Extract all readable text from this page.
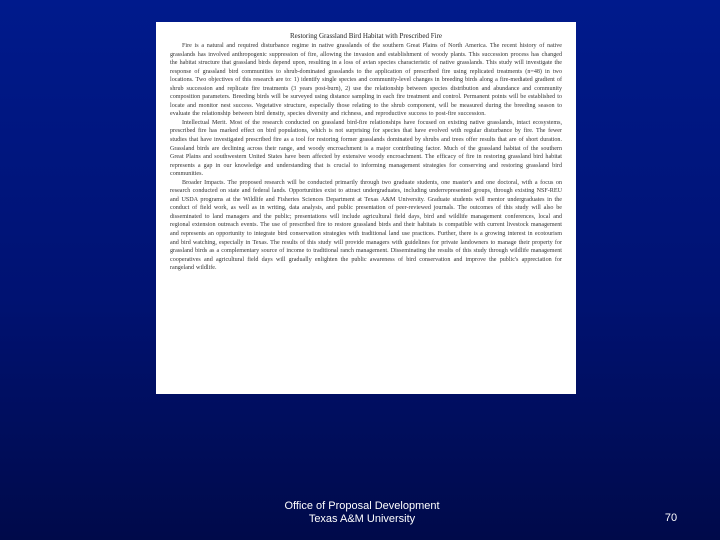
Restoring Grassland Bird Habitat with Prescribed Fire

Fire is a natural and required disturbance regime in native grasslands of the southern Great Plains of North America. The recent history of native grasslands has involved anthropogenic suppression of fire, allowing the invasion and establishment of woody plants. This succession process has changed the habitat structure that grassland birds depend upon, resulting in a loss of avian species characteristic of native grasslands. This study will investigate the response of grassland bird communities to shrub-dominated grasslands to the application of prescribed fire using replicated treatments (n=48) in two locations. Two objectives of this research are to: 1) identify single species and community-level changes in breeding birds along a fire-mediated gradient of shrub succession and replicate fire treatments (3 years post-burn), 2) use the relationship between species distribution and abundance and community composition parameters. Breeding birds will be surveyed using distance sampling in each fire treatment and control. Permanent points will be established to locate and monitor nest success. Vegetative structure, especially those relating to the shrub component, will be measured during the breeding season to evaluate the relationship between bird density, species diversity and richness, and reproductive success to post-fire succession.

Intellectual Merit. Most of the research conducted on grassland bird-fire relationships have focused on existing native grasslands, intact ecosystems, prescribed fire has marked effect on bird populations, which is not surprising for species that have evolved with regular disturbance by fire. The fewer studies that have investigated prescribed fire as a tool for restoring former grasslands dominated by shrubs and trees offer results that are of short duration. Grassland birds are declining across their range, and woody encroachment is a major contributing factor. Much of the grassland habitat of the southern Great Plains and southwestern United States have been affected by extensive woody encroachment. The efficacy of fire in restoring grassland bird habitat represents a gap in our knowledge and understanding that is crucial to informing management strategies for conserving and restoring grassland bird communities.

Broader Impacts. The proposed research will be conducted primarily through two graduate students, one master's and one doctoral, with a focus on research conducted on state and federal lands. Opportunities exist to attract undergraduates, including underrepresented groups, through existing NSF-REU and USDA programs at the Wildlife and Fisheries Sciences Department at Texas A&M University. Graduate students will mentor undergraduates in the conduct of field work, as well as in writing, data analysis, and public presentation of peer-reviewed journals. The outcomes of this study will also be disseminated to land managers and the public; presentations will include agricultural field days, bird and wildlife management conferences, local and regional extension outreach events. The use of prescribed fire to restore grassland birds and their habitats is compatible with current livestock management and represents an opportunity to integrate bird conservation strategies with traditional land use practices. Further, there is a growing interest in ecotourism and bird watching, especially in Texas. The results of this study will provide managers with guidelines for private landowners to manage their property for grassland birds as a complementary source of income to traditional ranch management. Disseminating the results of this study through wildlife management cooperatives and agricultural field days will gradually enlighten the public awareness of bird conservation and improve the public's appreciation for rangeland wildlife.

Office of Proposal Development
Texas A&M University	70
